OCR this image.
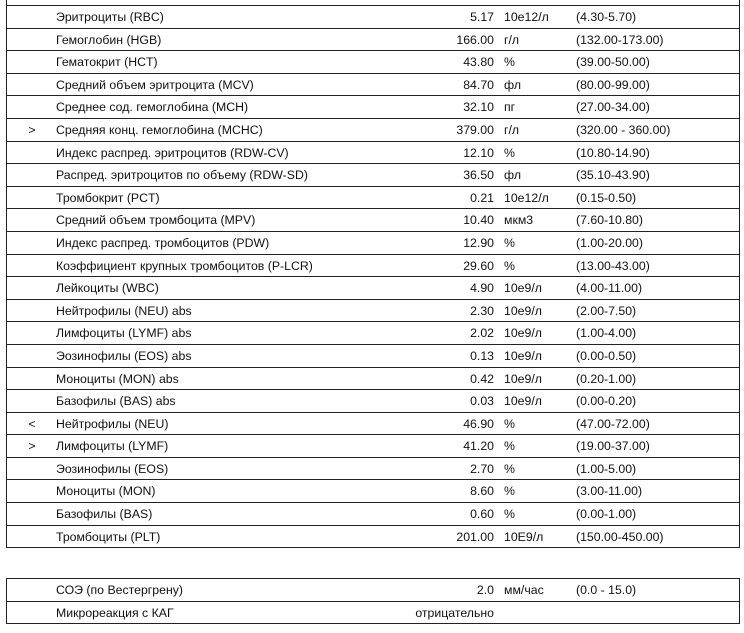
Эритроциты (RBC)	5.17 10e12/л (4.30-5.70)
Гемоглобин (HGB)	166.00 г/л	(132.00-173.00)
Гематокрит (HCT)	43.80 %	(39.00-50.00)
Средний объем эритроцита (MCV)	84.70 фл	(80.00-99.00)
Среднее сод. гемоглобина (MCH)	32.10 пг	(27.00-34.00)
> Средняя конц. гемоглобина (MCHC)	379.00 г/л	(320.00 - 360.00)
Индекс распред. эритроцитов (RDW-CV)	12.10 %	(10.80-14.90)
Распред. эритроцитов по объему (RDW-SD)	36.50 фл	(35.10-43.90)
Тромбокрит (PCT)	0.21 10e12/л (0.15-0.50)
Средний объем тромбоцита (MPV)	10.40 мкм3	(7.60-10.80)
Индекс распред. тромбоцитов (PDW)	12.90 %	(1.00-20.00)
Коэффициент крупных тромбоцитов (P-LCR)	29.60 %	(13.00-43.00)
Лейкоциты (WBC)	4.90 10e9/л	(4.00-11.00)
Нейтрофилы (NEU) abs	2.30 10e9/л	(2.00-7.50)
Лимфоциты (LYMF) abs	2.02 10e9/л	(1.00-4.00)
Эозинофилы (EOS) abs	0.13 10e9/л	(0.00-0.50)
Моноциты (MON) abs	0.42 10e9/л	(0.20-1.00)
Базофилы (BAS) abs	0.03 10e9/л	(0.00-0.20)
< Нейтрофилы (NEU)	46.90 %	(47.00-72.00)
> Лимфоциты (LYMF)	41.20 %	(19.00-37.00)
Эозинофилы (EOS)	2.70 %	(1.00-5.00)
Моноциты (MON)	8.60 %	(3.00-11.00)
Базофилы (BAS)	0.60 %	(0.00-1.00)
Тромбоциты (PLT)	201.00 10E9/л	(150.00-450.00)
СОЭ (по Вестергрену)	2.0 мм/час	(0.0 - 15.0)
Микрореакция с КАГ	отрицательно
